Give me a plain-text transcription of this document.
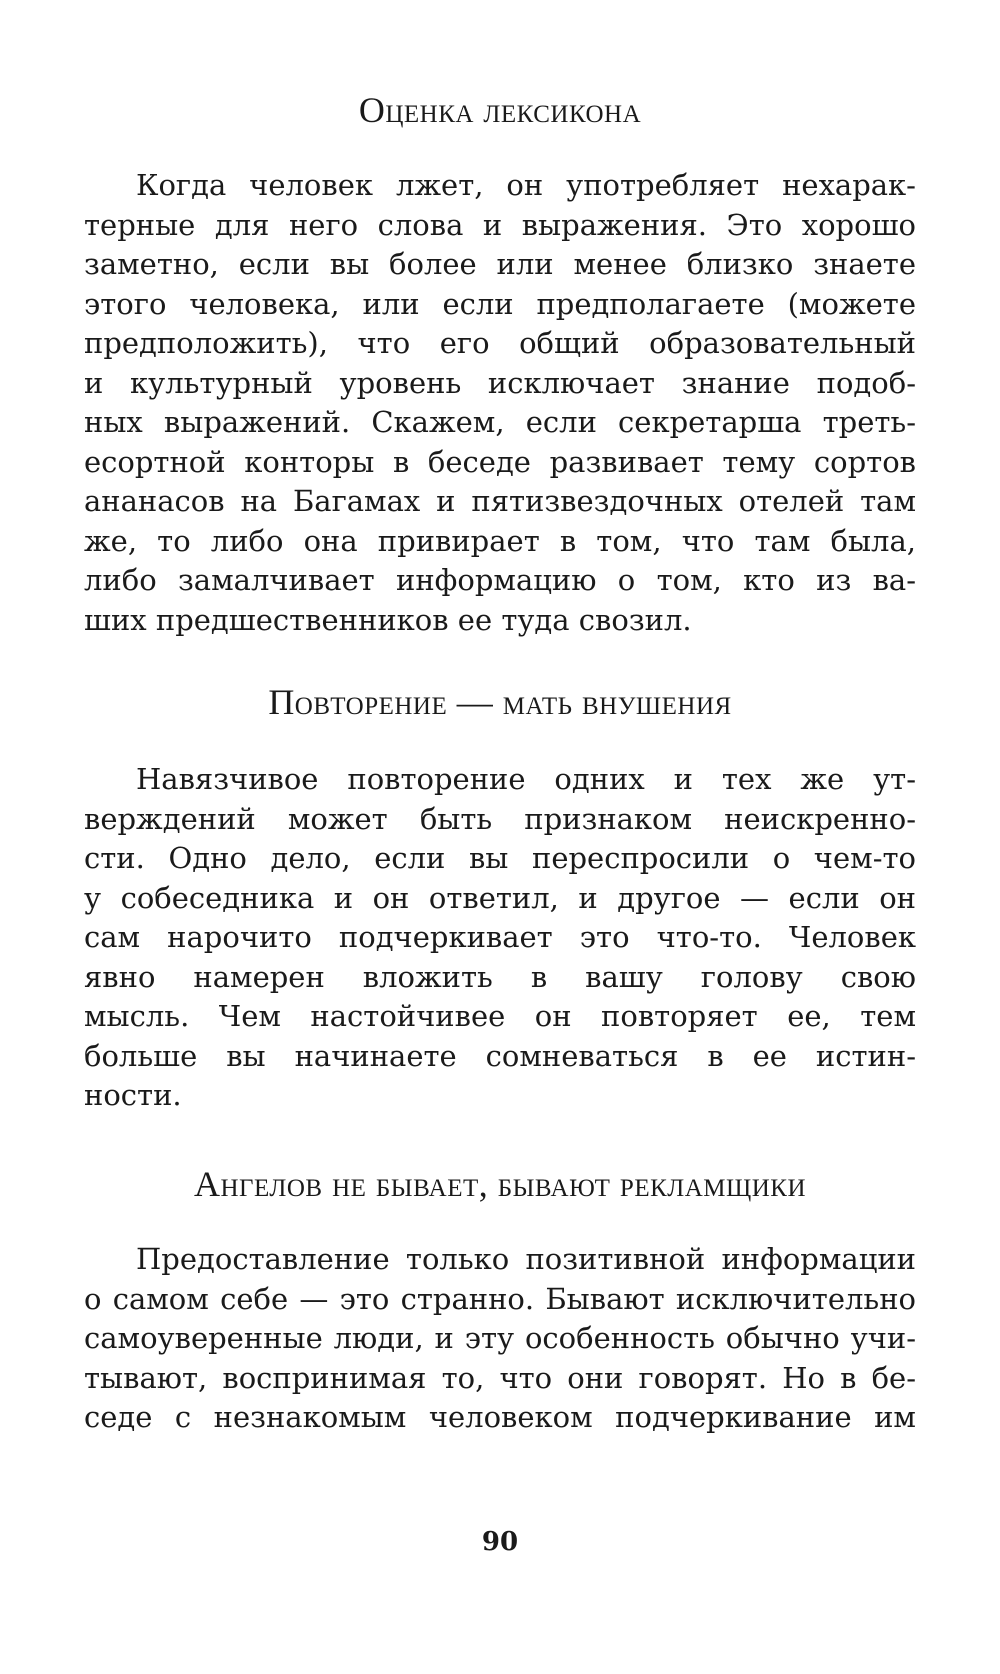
Оценка лексикона
Когда человек лжет, он употребляет нехарак-
терные для него слова и выражения. Это хорошо
заметно, если вы более или менее близко знаете
этого человека, или если предполагаете (можете
предположить), что его общий образовательный
и культурный уровень исключает знание подоб-
ных выражений. Скажем, если секретарша треть-
есортной конторы в беседе развивает тему сортов
ананасов на Багамах и пятизвездочных отелей там
же, то либо она привирает в том, что там была,
либо замалчивает информацию о том, кто из ва-
ших предшественников ее туда свозил.
Повторение — мать внушения
Навязчивое повторение одних и тех же ут-
верждений может быть признаком неискренно-
сти. Одно дело, если вы переспросили о чем-то
у собеседника и он ответил, и другое — если он
сам нарочито подчеркивает это что-то. Человек
явно намерен вложить в вашу голову свою
мысль. Чем настойчивее он повторяет ее, тем
больше вы начинаете сомневаться в ее истин-
ности.
Ангелов не бывает, бывают рекламщики
Предоставление только позитивной информации
о самом себе — это странно. Бывают исключительно
самоуверенные люди, и эту особенность обычно учи-
тывают, воспринимая то, что они говорят. Но в бе-
седе с незнакомым человеком подчеркивание им
90
